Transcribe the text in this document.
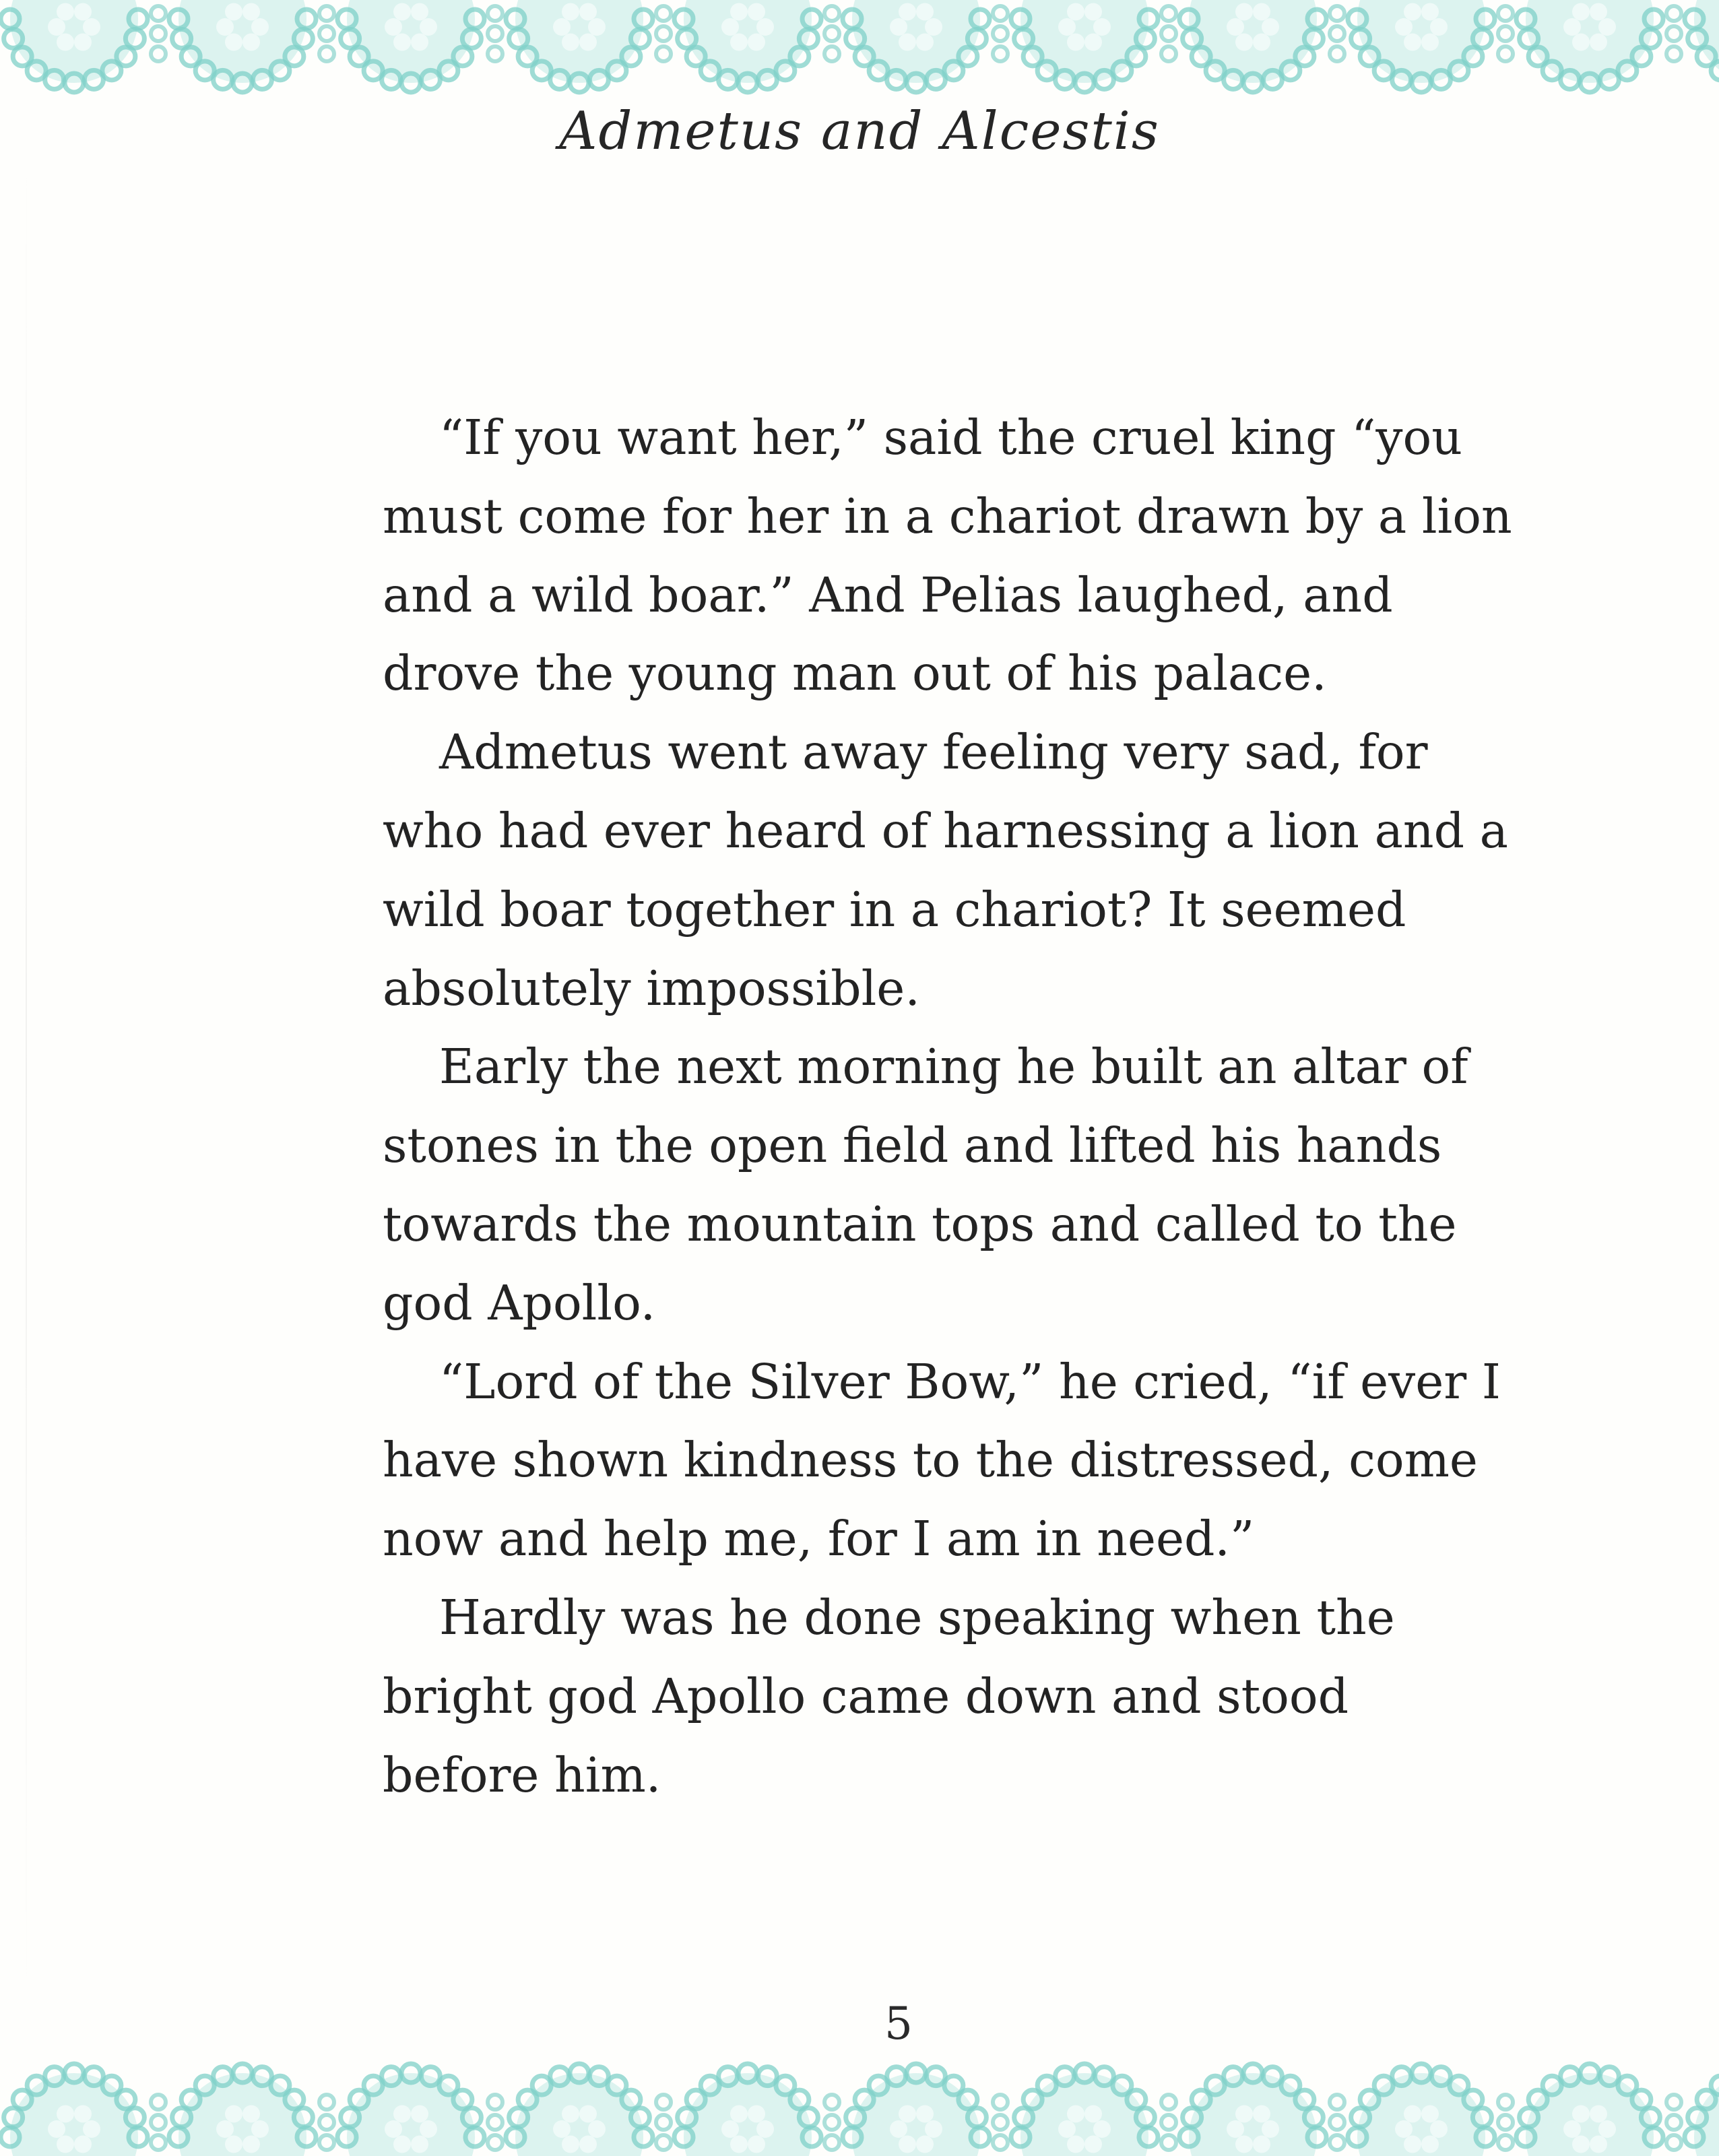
Admetus and Alcestis

“If you want her,” said the cruel king “you must come for her in a chariot drawn by a lion and a wild boar.” And Pelias laughed, and drove the young man out of his palace.

Admetus went away feeling very sad, for who had ever heard of harnessing a lion and a wild boar together in a chariot? It seemed absolutely impossible.

Early the next morning he built an altar of stones in the open field and lifted his hands towards the mountain tops and called to the god Apollo.

“Lord of the Silver Bow,” he cried, “if ever I have shown kindness to the distressed, come now and help me, for I am in need.”

Hardly was he done speaking when the bright god Apollo came down and stood before him.

5
